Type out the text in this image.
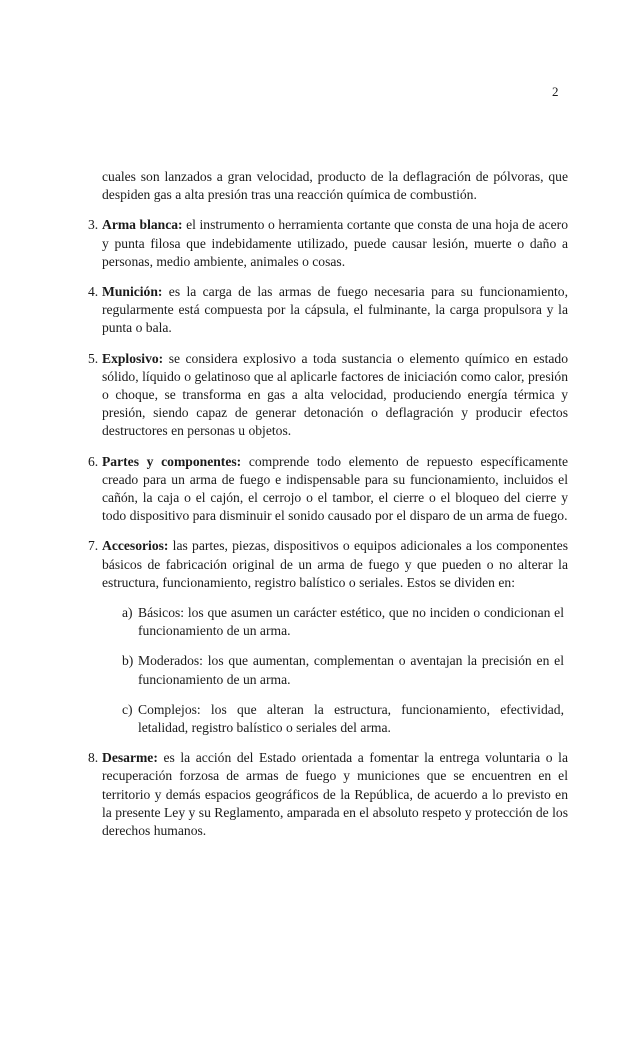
2

cuales son lanzados a gran velocidad, producto de la deflagración de pólvoras, que despiden gas a alta presión tras una reacción química de combustión.

3. Arma blanca: el instrumento o herramienta cortante que consta de una hoja de acero y punta filosa que indebidamente utilizado, puede causar lesión, muerte o daño a personas, medio ambiente, animales o cosas.
4. Munición: es la carga de las armas de fuego necesaria para su funcionamiento, regularmente está compuesta por la cápsula, el fulminante, la carga propulsora y la punta o bala.
5. Explosivo: se considera explosivo a toda sustancia o elemento químico en estado sólido, líquido o gelatinoso que al aplicarle factores de iniciación como calor, presión o choque, se transforma en gas a alta velocidad, produciendo energía térmica y presión, siendo capaz de generar detonación o deflagración y producir efectos destructores en personas u objetos.
6. Partes y componentes: comprende todo elemento de repuesto específicamente creado para un arma de fuego e indispensable para su funcionamiento, incluidos el cañón, la caja o el cajón, el cerrojo o el tambor, el cierre o el bloqueo del cierre y todo dispositivo para disminuir el sonido causado por el disparo de un arma de fuego.
7. Accesorios: las partes, piezas, dispositivos o equipos adicionales a los componentes básicos de fabricación original de un arma de fuego y que pueden o no alterar la estructura, funcionamiento, registro balístico o seriales. Estos se dividen en:
a) Básicos: los que asumen un carácter estético, que no inciden o condicionan el funcionamiento de un arma.
b) Moderados: los que aumentan, complementan o aventajan la precisión en el funcionamiento de un arma.
c) Complejos: los que alteran la estructura, funcionamiento, efectividad, letalidad, registro balístico o seriales del arma.
8. Desarme: es la acción del Estado orientada a fomentar la entrega voluntaria o la recuperación forzosa de armas de fuego y municiones que se encuentren en el territorio y demás espacios geográficos de la República, de acuerdo a lo previsto en la presente Ley y su Reglamento, amparada en el absoluto respeto y protección de los derechos humanos.
